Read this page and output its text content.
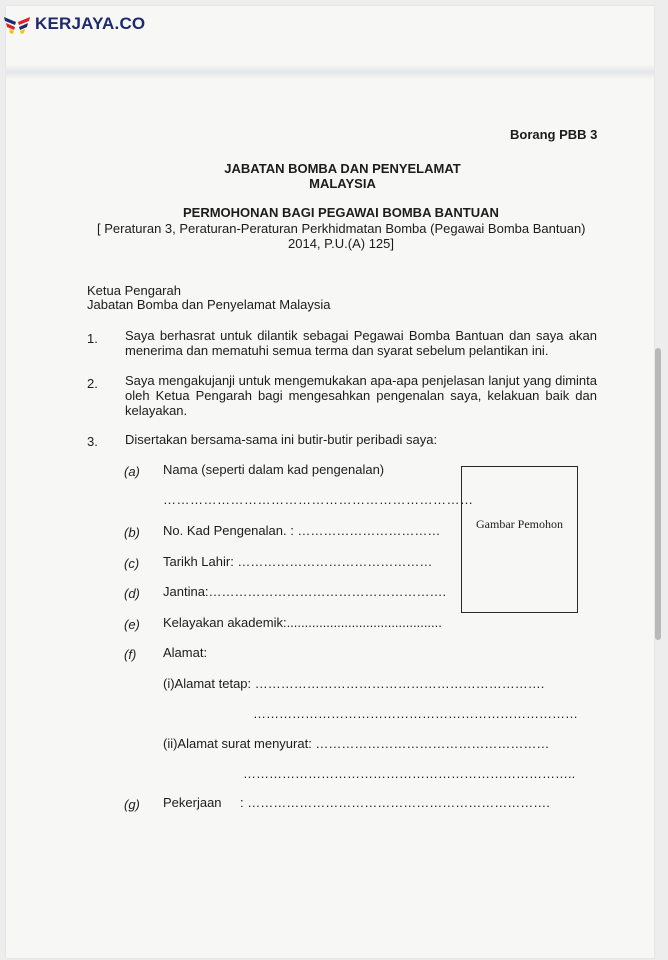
KERJAYA.CO
Borang PBB 3
JABATAN BOMBA DAN PENYELAMAT
MALAYSIA
PERMOHONAN BAGI PEGAWAI BOMBA BANTUAN
[ Peraturan 3, Peraturan-Peraturan Perkhidmatan Bomba (Pegawai Bomba Bantuan)
2014, P.U.(A) 125]
Ketua Pengarah
Jabatan Bomba dan Penyelamat Malaysia
1. Saya berhasrat untuk dilantik sebagai Pegawai Bomba Bantuan dan saya akan menerima dan mematuhi semua terma dan syarat sebelum pelantikan ini.
2. Saya mengakujanji untuk mengemukakan apa-apa penjelasan lanjut yang diminta oleh Ketua Pengarah bagi mengesahkan pengenalan saya, kelakuan baik dan kelayakan.
3. Disertakan bersama-sama ini butir-butir peribadi saya:
(a) Nama (seperti dalam kad pengenalan)
……………………………………………………………
(b) No. Kad Pengenalan. : ……………………………
(c) Tarikh Lahir: ………………………………………
(d) Jantina:……………………………………………….
(e) Kelayakan akademik:...........................................
(f) Alamat:
(i)Alamat tetap: ………………………………………………………….
…………………………………………………………………
(ii)Alamat surat menyurat: ………………………………………………
…………………………………………………………………..
(g) Pekerjaan : …………………………………………………………….
Gambar Pemohon
